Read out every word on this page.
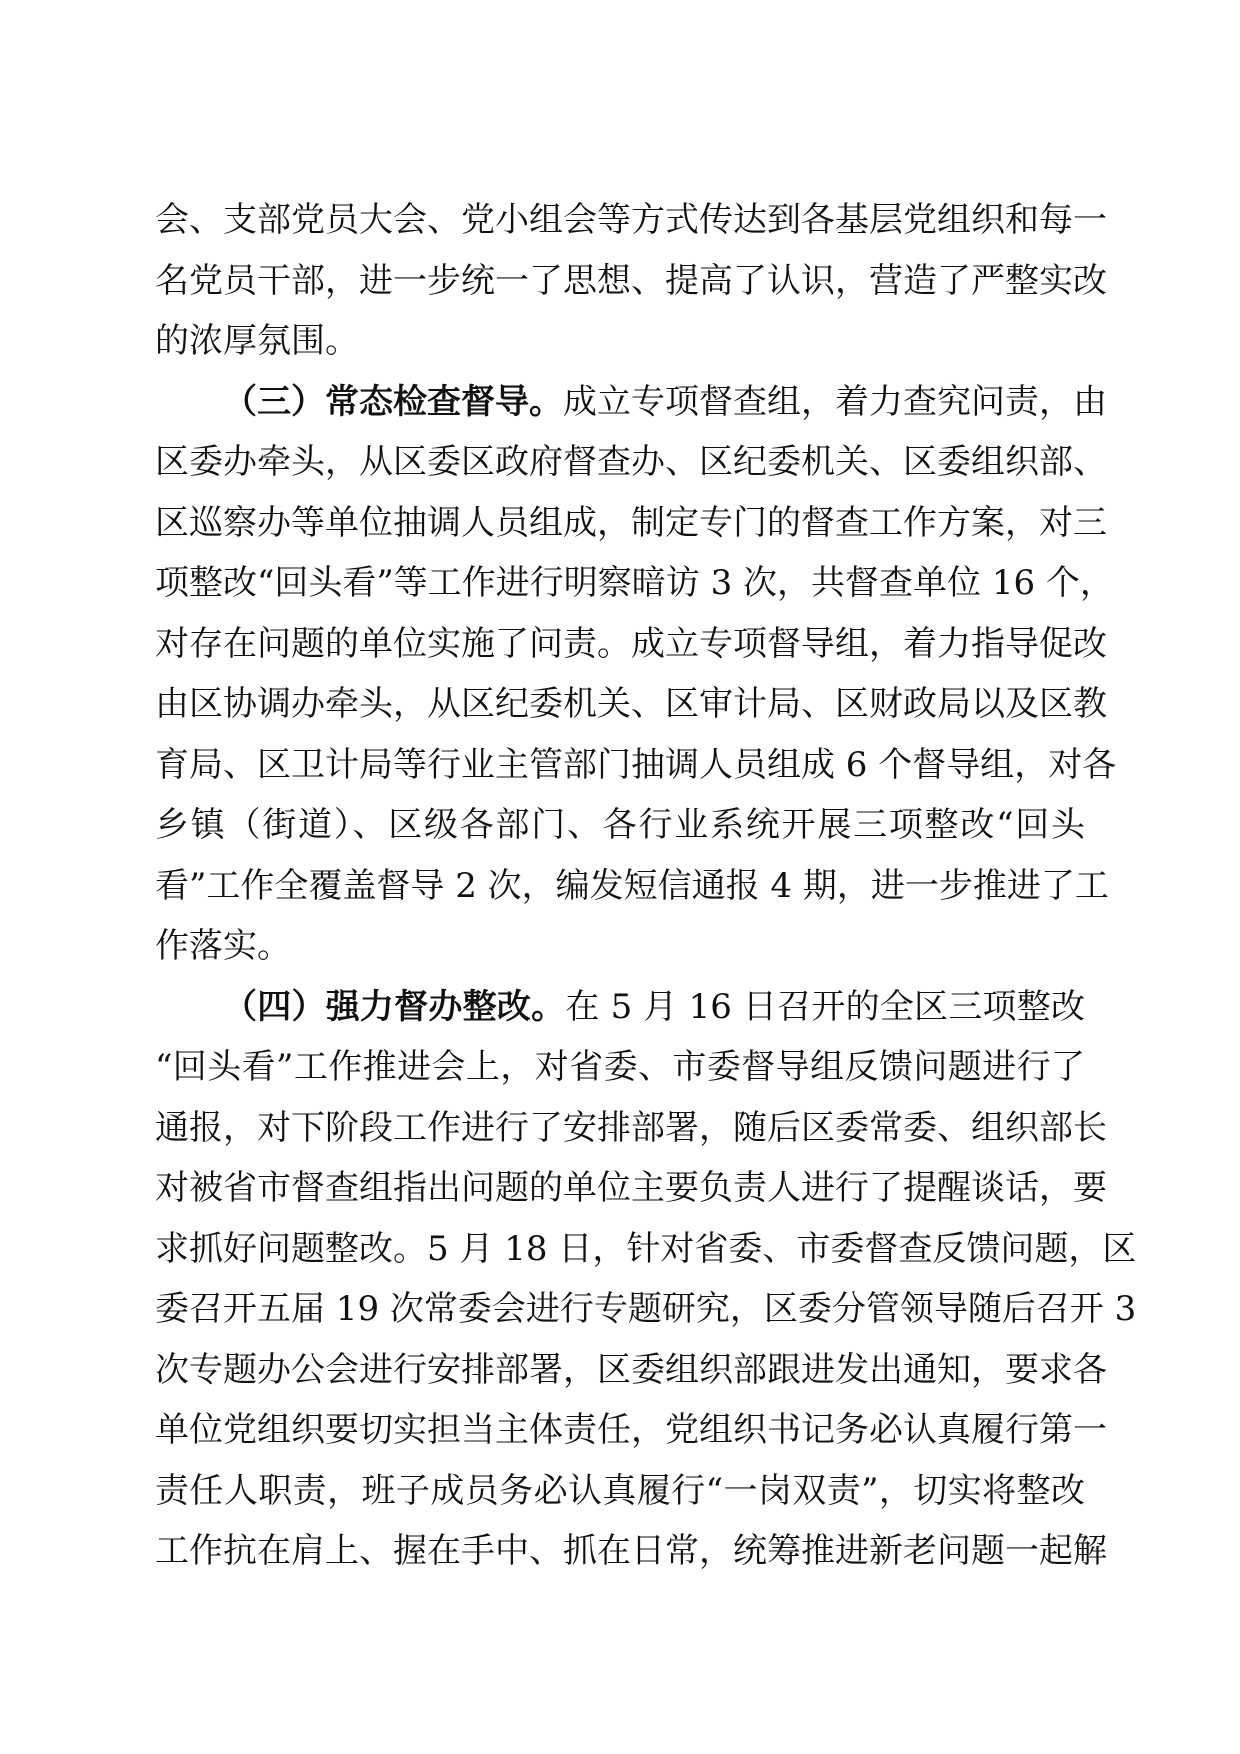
会、支部党员大会、党小组会等方式传达到各基层党组织和每一
名党员干部，进一步统一了思想、提高了认识，营造了严整实改
的浓厚氛围。
（三）常态检查督导。成立专项督查组，着力查究问责，由
区委办牵头，从区委区政府督查办、区纪委机关、区委组织部、
区巡察办等单位抽调人员组成，制定专门的督查工作方案，对三
项整改“回头看”等工作进行明察暗访 3 次，共督查单位 16 个，
对存在问题的单位实施了问责。成立专项督导组，着力指导促改
由区协调办牵头，从区纪委机关、区审计局、区财政局以及区教
育局、区卫计局等行业主管部门抽调人员组成 6 个督导组，对各
乡镇（街道）、区级各部门、各行业系统开展三项整改“回头
看”工作全覆盖督导 2 次，编发短信通报 4 期，进一步推进了工
作落实。
（四）强力督办整改。在 5 月 16 日召开的全区三项整改
“回头看”工作推进会上，对省委、市委督导组反馈问题进行了
通报，对下阶段工作进行了安排部署，随后区委常委、组织部长
对被省市督查组指出问题的单位主要负责人进行了提醒谈话，要
求抓好问题整改。5 月 18 日，针对省委、市委督查反馈问题，区
委召开五届 19 次常委会进行专题研究，区委分管领导随后召开 3
次专题办公会进行安排部署，区委组织部跟进发出通知，要求各
单位党组织要切实担当主体责任，党组织书记务必认真履行第一
责任人职责，班子成员务必认真履行“一岗双责”，切实将整改
工作抗在肩上、握在手中、抓在日常，统筹推进新老问题一起解
